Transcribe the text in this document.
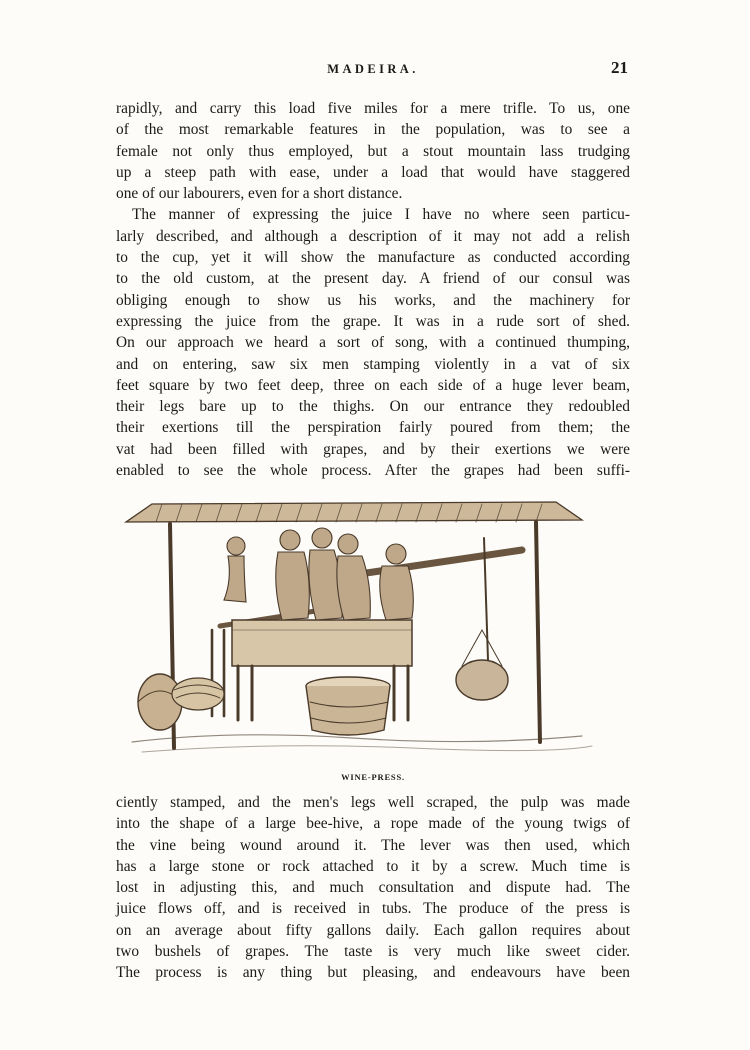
MADEIRA.	21
rapidly, and carry this load five miles for a mere trifle. To us, one
of the most remarkable features in the population, was to see a
female not only thus employed, but a stout mountain lass trudging
up a steep path with ease, under a load that would have staggered
one of our labourers, even for a short distance.
The manner of expressing the juice I have no where seen particu-
larly described, and although a description of it may not add a relish
to the cup, yet it will show the manufacture as conducted according
to the old custom, at the present day. A friend of our consul was
obliging enough to show us his works, and the machinery for
expressing the juice from the grape. It was in a rude sort of shed.
On our approach we heard a sort of song, with a continued thumping,
and on entering, saw six men stamping violently in a vat of six
feet square by two feet deep, three on each side of a huge lever beam,
their legs bare up to the thighs. On our entrance they redoubled
their exertions till the perspiration fairly poured from them; the
vat had been filled with grapes, and by their exertions we were
enabled to see the whole process. After the grapes had been suffi-
WINE-PRESS.
ciently stamped, and the men's legs well scraped, the pulp was made
into the shape of a large bee-hive, a rope made of the young twigs of
the vine being wound around it. The lever was then used, which
has a large stone or rock attached to it by a screw. Much time is
lost in adjusting this, and much consultation and dispute had. The
juice flows off, and is received in tubs. The produce of the press is
on an average about fifty gallons daily. Each gallon requires about
two bushels of grapes. The taste is very much like sweet cider.
The process is any thing but pleasing, and endeavours have been
